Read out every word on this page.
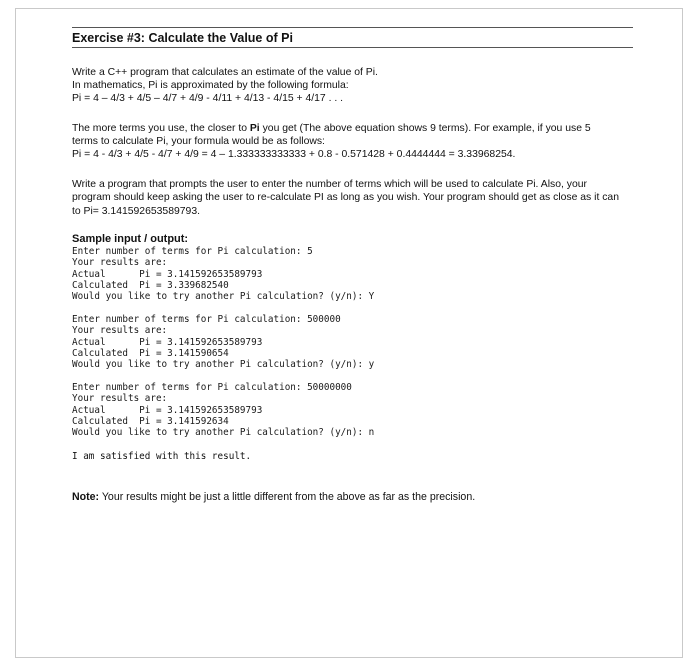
Exercise #3: Calculate the Value of Pi
Write a C++ program that calculates an estimate of the value of Pi.
In mathematics, Pi is approximated by the following formula:
Pi = 4 – 4/3 + 4/5 – 4/7 + 4/9 - 4/11 + 4/13 - 4/15 + 4/17 . . .
The more terms you use, the closer to Pi you get (The above equation shows 9 terms). For example, if you use 5
terms to calculate Pi, your formula would be as follows:
Pi = 4 - 4/3 + 4/5 - 4/7 + 4/9 = 4 – 1.333333333333 + 0.8 - 0.571428 + 0.4444444 = 3.33968254.
Write a program that prompts the user to enter the number of terms which will be used to calculate Pi. Also, your
program should keep asking the user to re-calculate PI as long as you wish. Your program should get as close as it can
to Pi= 3.141592653589793.
Sample input / output:
Enter number of terms for Pi calculation: 5
Your results are:
Actual      Pi = 3.141592653589793
Calculated  Pi = 3.339682540
Would you like to try another Pi calculation? (y/n): Y
Enter number of terms for Pi calculation: 500000
Your results are:
Actual      Pi = 3.141592653589793
Calculated  Pi = 3.141590654
Would you like to try another Pi calculation? (y/n): y
Enter number of terms for Pi calculation: 50000000
Your results are:
Actual      Pi = 3.141592653589793
Calculated  Pi = 3.141592634
Would you like to try another Pi calculation? (y/n): n
I am satisfied with this result.
Note: Your results might be just a little different from the above as far as the precision.
